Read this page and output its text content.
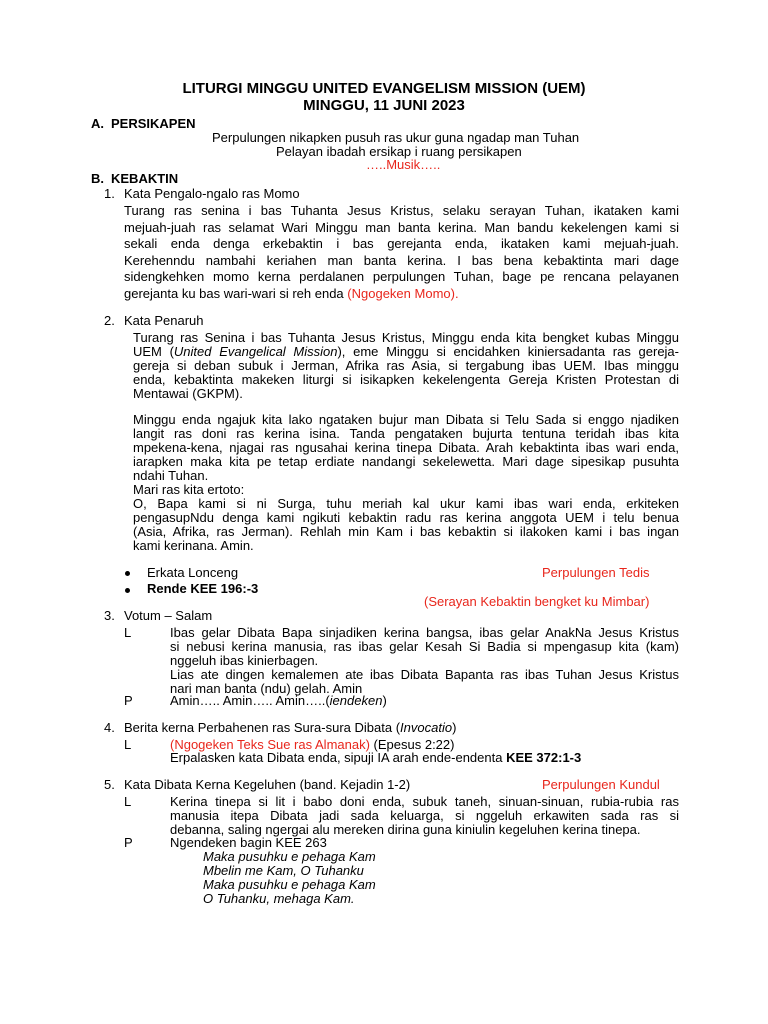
LITURGI MINGGU UNITED EVANGELISM MISSION (UEM)
MINGGU, 11 JUNI 2023
A. PERSIKAPEN
Perpulungen nikapken pusuh ras ukur guna ngadap man Tuhan
Pelayan ibadah ersikap i ruang persikapen
…..Musik…..
B. KEBAKTIN
1. Kata Pengalo-ngalo ras Momo
Turang ras senina i bas Tuhanta Jesus Kristus, selaku serayan Tuhan, ikataken kami
mejuah-juah ras selamat Wari Minggu man banta kerina. Man bandu kekelengen kami si
sekali enda denga erkebaktin i bas gerejanta enda, ikataken kami mejuah-juah.
Kerehenndu nambahi keriahen man banta kerina. I bas bena kebaktinta mari dage
sidengkehken momo kerna perdalanen perpulungen Tuhan, bage pe rencana pelayanen
gerejanta ku bas wari-wari si reh enda (Ngogeken Momo).
2. Kata Penaruh
Turang ras Senina i bas Tuhanta Jesus Kristus, Minggu enda kita bengket kubas Minggu
UEM (United Evangelical Mission), eme Minggu si encidahken kiniersadanta ras gereja-
gereja si deban subuk i Jerman, Afrika ras Asia, si tergabung ibas UEM. Ibas minggu
enda, kebaktinta makeken liturgi si isikapken kekelengenta Gereja Kristen Protestan di
Mentawai (GKPM).
Minggu enda ngajuk kita lako ngataken bujur man Dibata si Telu Sada si enggo njadiken
langit ras doni ras kerina isina. Tanda pengataken bujurta tentuna teridah ibas kita
mpekena-kena, njagai ras ngusahai kerina tinepa Dibata. Arah kebaktinta ibas wari enda,
iarapken maka kita pe tetap erdiate nandangi sekelewetta. Mari dage sipesikap pusuhta
ndahi Tuhan.
Mari ras kita ertoto:
O, Bapa kami si ni Surga, tuhu meriah kal ukur kami ibas wari enda, erkiteken
pengasupNdu denga kami ngikuti kebaktin radu ras kerina anggota UEM i telu benua
(Asia, Afrika, ras Jerman). Rehlah min Kam i bas kebaktin si ilakoken kami i bas ingan
kami kerinana. Amin.
Erkata Lonceng	Perpulungen Tedis
Rende KEE 196:-3
(Serayan Kebaktin bengket ku Mimbar)
3. Votum – Salam
L	Ibas gelar Dibata Bapa sinjadiken kerina bangsa, ibas gelar AnakNa Jesus Kristus
si nebusi kerina manusia, ras ibas gelar Kesah Si Badia si mpengasup kita (kam)
nggeluh ibas kinierbagen.
Lias ate dingen kemalemen ate ibas Dibata Bapanta ras ibas Tuhan Jesus Kristus
nari man banta (ndu) gelah. Amin
P	Amin….. Amin….. Amin…..(iendeken)
4. Berita kerna Perbahenen ras Sura-sura Dibata (Invocatio)
L	(Ngogeken Teks Sue ras Almanak) (Epesus 2:22)
Erpalasken kata Dibata enda, sipuji IA arah ende-endenta KEE 372:1-3
5. Kata Dibata Kerna Kegeluhen (band. Kejadin 1-2)	Perpulungen Kundul
L	Kerina tinepa si lit i babo doni enda, subuk taneh, sinuan-sinuan, rubia-rubia ras
manusia itepa Dibata jadi sada keluarga, si nggeluh erkawiten sada ras si
debanna, saling ngergai alu mereken dirina guna kiniulin kegeluhen kerina tinepa.
P	Ngendeken bagin KEE 263
Maka pusuhku e pehaga Kam
Mbelin me Kam, O Tuhanku
Maka pusuhku e pehaga Kam
O Tuhanku, mehaga Kam.
